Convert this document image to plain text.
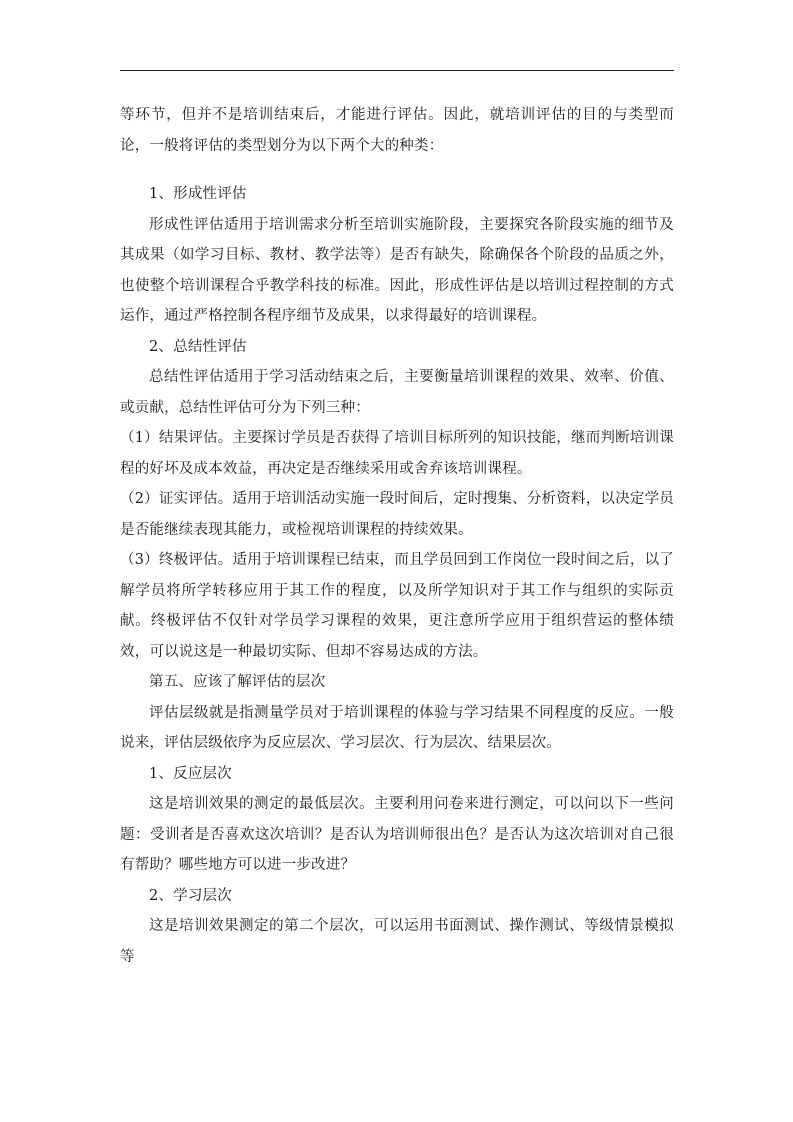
等环节，但并不是培训结束后，才能进行评估。因此，就培训评估的目的与类型而论，一般将评估的类型划分为以下两个大的种类：

1、形成性评估

形成性评估适用于培训需求分析至培训实施阶段，主要探究各阶段实施的细节及其成果（如学习目标、教材、教学法等）是否有缺失，除确保各个阶段的品质之外，也使整个培训课程合乎教学科技的标准。因此，形成性评估是以培训过程控制的方式运作，通过严格控制各程序细节及成果，以求得最好的培训课程。

2、总结性评估

总结性评估适用于学习活动结束之后，主要衡量培训课程的效果、效率、价值、或贡献，总结性评估可分为下列三种：

（1）结果评估。主要探讨学员是否获得了培训目标所列的知识技能，继而判断培训课程的好坏及成本效益，再决定是否继续采用或舍弃该培训课程。

（2）证实评估。适用于培训活动实施一段时间后，定时搜集、分析资料，以决定学员是否能继续表现其能力，或检视培训课程的持续效果。

（3）终极评估。适用于培训课程已结束，而且学员回到工作岗位一段时间之后，以了解学员将所学转移应用于其工作的程度，以及所学知识对于其工作与组织的实际贡献。终极评估不仅针对学员学习课程的效果，更注意所学应用于组织营运的整体绩效，可以说这是一种最切实际、但却不容易达成的方法。

第五、应该了解评估的层次

评估层级就是指测量学员对于培训课程的体验与学习结果不同程度的反应。一般说来，评估层级依序为反应层次、学习层次、行为层次、结果层次。

1、反应层次

这是培训效果的测定的最低层次。主要利用问卷来进行测定，可以问以下一些问题：受训者是否喜欢这次培训？是否认为培训师很出色？是否认为这次培训对自己很有帮助？哪些地方可以进一步改进？

2、学习层次

这是培训效果测定的第二个层次，可以运用书面测试、操作测试、等级情景模拟等
